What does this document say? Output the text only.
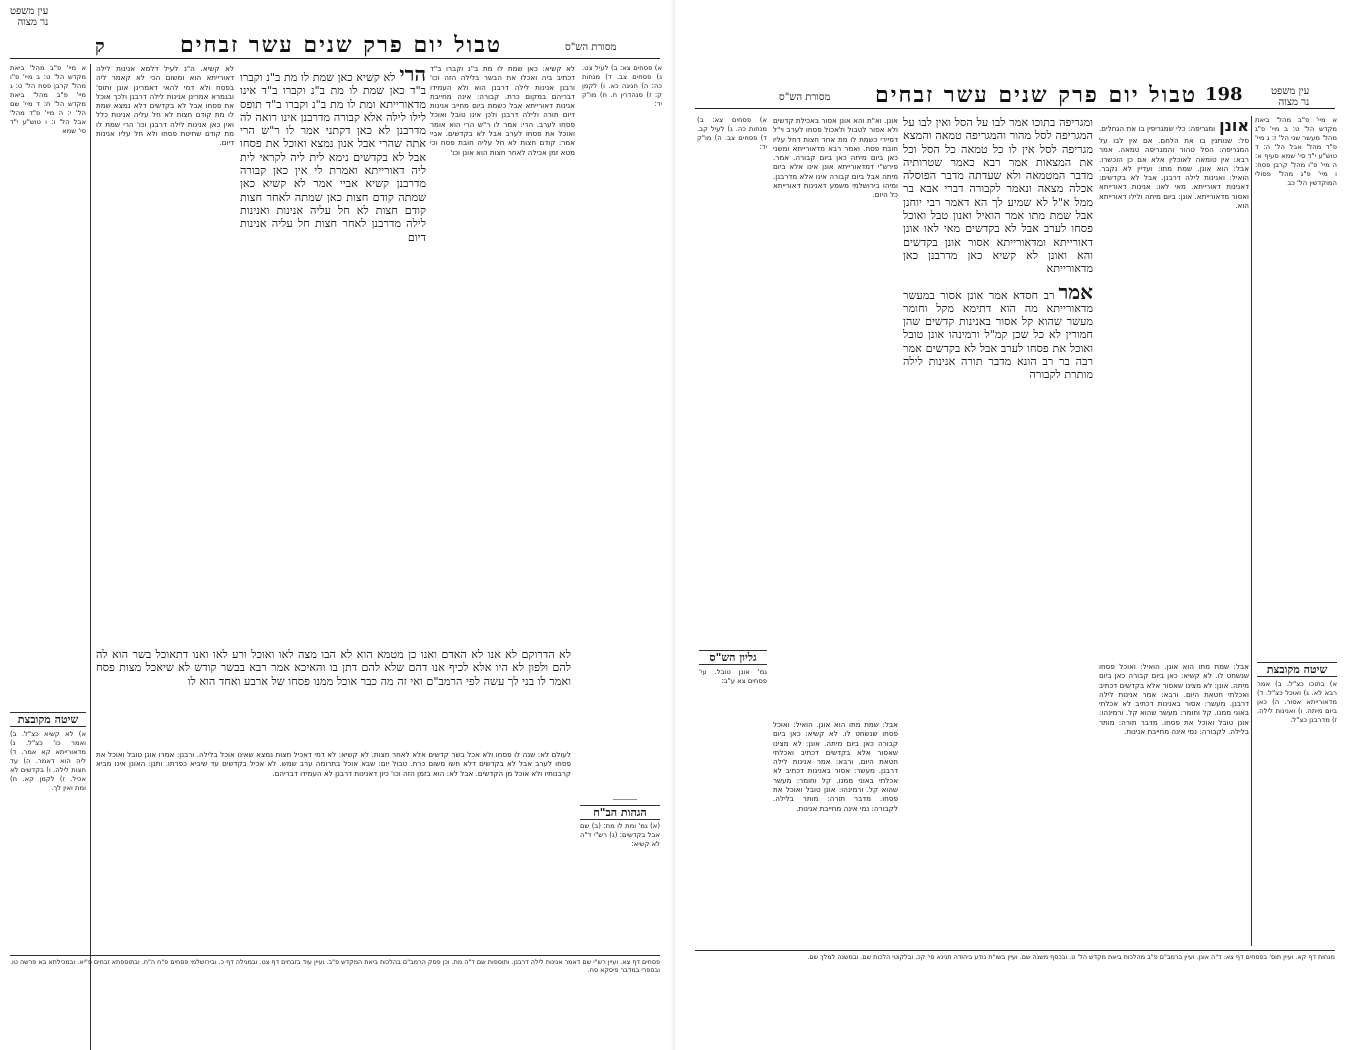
עין משפט
נר מצוה
טבול יום פרק שנים עשר זבחים
ק	מסורת הש"ס

א מיי' פ"ב מהל' ביאת מקדש הל' ט: ב מיי' פ"ו מהל' קרבן פסח הל' ט: ג מיי' פ"ב מהל' ביאת מקדש הל' ח: ד מיי' שם הל' י: ה מיי' פ"ד מהל' אבל הל' ו: ו טוש"ע י"ד סי' שמא

א) פסחים צא: ב) לעיל צט. ג) פסחים צב. ד) מנחות כה: ה) חגיגה כא. ו) לקמן ק: ז) סנהדרין ח. ח) מו"ק יד:

לא קשיא: כאן שמת לו מת ב"נ וקברו ב"ד דכתיב ביה ואכלו את הבשר בלילה הזה וכו' ורבנן אנינות לילה דרבנן הוא ולא העמידו דבריהם במקום כרת. קבורה: אינה מחייבת אנינות דאורייתא אבל כשמת ביום מחייב אנינות דיום תורה ולילה דרבנן ולכן אינו טובל ואוכל פסחו לערב. הרי: אמר לו ר"ש הרי הוא אומר ואוכל את פסחו לערב אבל לא בקדשים. אביי אמר: קודם חצות לא חל עליה חובת פסח וכי מטא זמן אכילה לאחר חצות הוא אונן וכו'

לא קשיא. ה"נ לעיל דלמא אנינות לילה דאורייתא הוא ומשום הכי לא קאמר ליה בפסח ולא דמי להאי דאמרינן אונן ותוס' ובגמרא אמרינן אנינות לילה דרבנן ולכך אוכל את פסחו אבל לא בקדשים דלא נמצא שמת לו מת קודם חצות לא חל עליה אנינות כלל ואין כאן אנינות לילה דרבנן וכו' הרי שמת לו מת קודם שחיטת פסחו ולא חל עליו אנינות דיום.

הרילא קשיא כאן שמת לו מת ב"נ וקברו ב"ד כאן שמת לו מת ב"נ וקברו ב"ד אינו מדאורייתא ומת לו מת ב"נ וקברו ב"ד תופס לילו לילה אלא קבורה מדרבנן אינו רואה לה מדרבנן לא כאן דקתני אמר לו ר"ש הרי אתה שהרי אבל אנון נמצא ואוכל את פסחו אבל לא בקדשים נימא לית ליה לקראי לית ליה דאורייתא ואמרת לי אין כאן קבורה מדרבנן קשיא אביי אמר לא קשיא כאן שמתה קודם חצות כאן שמתה לאחר חצות קודם חצות לא חל עליה אנינות ואנינות לילה מדרבנן לאחר חצות חל עליה אנינות דיום

לא הדרוקם לא אנו לא האדם ואנו כן מטמא הוא לא הבו מצה לאו ואוכל ורע לאו ואנו דתאוכל בשר הוא לה להם ולפון לא היו אלא לכיף אנו דהם שלא להם דתן בו והאיכא אמר רבא בבשר קודש לא שיאכל מצות פסח ואמר לו בני לך עשה לפי הרמב"ם ואי זה מה כבר אוכל ממנו פסחו של ארבע ואחד הוא לו

לעולם לא: שנה לו פסחו ולא אכל בשר קדשים אלא לאחר חצות. לא קשיא: לא דמי דאכיל חצות נמצא שאינו אוכל בלילה. ורבנן: אמרו אונן טובל ואוכל את פסחו לערב אבל לא בקדשים דלא חשו משום כרת. טבול יום: שבא אוכל בתרומה ערב שמש. לא אכיל בקדשים עד שיביא כפרתו. ותנן: האונן אינו מביא קרבנותיו ולא אוכל מן הקדשים. אבל לא: הוא בזמן הזה וכו' כיון דאנינות דרבנן לא העמידו דבריהם.

שיטה מקובצת

א) לא קשיא כצ"ל. ב) ואמר כו' כצ"ל. ג) מדאורייתא קא אמר. ד) ליה הוא דאמר. ה) עד חצות לילה. ו) בקדשים לא אכיל. ז) לקמן קא. ח) ומת ואין לך.

הגהות הב"ח

(א) גמ' ומת לו מת: (ב) שם אבל בקדשים: (ג) רש"י ד"ה לא קשיא:

⸻

פסחים דף צא. ועיין רש"י שם דאמר אנינות לילה דרבנן. ותוספות שם ד"ה מת. וכן פסק הרמב"ם בהלכות ביאת המקדש פ"ב. ועיין עוד בזבחים דף צט. ובמגילה דף כ. ובירושלמי פסחים פ"ח ה"ח. ובתוספתא זבחים פ"יא. ובמכילתא בא פרשה טו. ובספרי במדבר פיסקא סח.

198
טבול יום פרק שנים עשר זבחים
מסורת הש"ס
עין משפט
נר מצוה

א) פסחים צא: ב) מנחות כה. ג) לעיל קב. ד) פסחים צב. ה) מו"ק יד:

אונן. וא"ת והא אונן אסור באכילת קדשים ולא אסור לטבול ולאכול פסחו לערב וי"ל דמיירי כשמת לו מת אחר חצות דחל עליו חובת פסח. ואמר רבא מדאורייתא ומשני כאן ביום מיתה כאן ביום קבורה. אמר. פירש"י דמדאורייתא אונן אינו אלא ביום מיתה אבל ביום קבורה אינו אלא מדרבנן. ומיהו בירושלמי משמע דאנינות דאורייתא כל היום.

ומגריפה בתוכו אמר לבו על הסל ואין לבו על המגריפה לסל מהור והמגריפה טמאה והמצא מגריפה לסל אין לו כל טמאה כל הסל וכל את המצאות אמר רבא כאמר שטרותיה מדבר המטמאה ולא שעדתה מדבר הפוסלה אכלה מצאה ונאמר לקבורה דברי אבא בר ממל א"ל לא שמיע לך הא דאמר רבי יוחנן אבל שמת מתו אמר הואיל ואנון טבל ואוכל פסחו לערב אבל לא בקדשים מאי לאו אונן דאורייתא ומדאורייתא אסור אונן בקדשים והא ואונן לא קשיא כאן מדרבנן כאן מדאורייתא

אמררב חסדא אמר אונן אסור במעשר מדאורייתא מה הוא דתימא מקל וחומר מעשר שהוא קל אסור באנינות קדשים שהן חמורין לא כל שכן קמ"ל ורמינהו אונן טובל ואוכל את פסחו לערב אבל לא בקדשים אמר רבה בר רב הונא מדבר תורה אנינות לילה מותרת לקבורה

אונןומגריפה: כלי שמגריפין בו את הגחלים. סל: שנותנין בו את הלחם. אם אין לבו על המגריפה: הסל טהור והמגריפה טמאה. אמר רבא: אין טומאה לאוכלין אלא אם כן הוכשרו. אבל: הוא אונן. שמת מתו: ועדיין לא נקבר. הואיל: ואנינות לילה דרבנן. אבל לא בקדשים: דאנינות דאורייתא. מאי לאו: אנינות דאורייתא ואסור מדאורייתא. אונן: ביום מיתה ולילו דאורייתא הוא.

א מיי' פ"ב מהל' ביאת מקדש הל' ט: ב מיי' פ"ג מהל' מעשר שני הל' ז: ג מיי' פ"ד מהל' אבל הל' ה: ד טוש"ע י"ד סי' שמא סעיף א: ה מיי' פ"ו מהל' קרבן פסח: ו מיי' פ"ג מהל' פסולי המוקדשין הל' כב

אבל: שמת מתו הוא אונן. הואיל: ואוכל פסחו שנשחט לו. לא קשיא: כאן ביום קבורה כאן ביום מיתה. אונן: לא מצינו שאסור אלא בקדשים דכתיב ואכלתי חטאת היום. ורבא: אמר אנינות לילה דרבנן. מעשר: אסור באנינות דכתיב לא אכלתי באוני ממנו. קל וחומר: מעשר שהוא קל. ורמינהו: אונן טובל ואוכל את פסחו. מדבר תורה: מותר בלילה. לקבורה: נמי אינה מחייבת אנינות.

אבל: שמת מתו הוא אונן. הואיל: ואוכל פסחו שנשחט לו. לא קשיא: כאן ביום קבורה כאן ביום מיתה. אונן: לא מצינו שאסור אלא בקדשים דכתיב ואכלתי חטאת היום. ורבא: אמר אנינות לילה דרבנן. מעשר: אסור באנינות דכתיב לא אכלתי באוני ממנו. קל וחומר: מעשר שהוא קל. ורמינהו: אונן טובל ואוכל את פסחו. מדבר תורה: מותר בלילה. לקבורה: נמי אינה מחייבת אנינות.

שיטה מקובצת

א) בתוכו כצ"ל. ב) אמר רבא לא. ג) ואוכל כצ"ל. ד) מדאורייתא אסור. ה) כאן ביום מיתה. ו) ואנינות לילה. ז) מדרבנן כצ"ל.

גליון הש"ס

גמ' אונן טובל. עי' פסחים צא ע"ב:

מנחות דף קא. ועיין תוס' בפסחים דף צא: ד"ה אונן. ועיין ברמב"ם פ"ב מהלכות ביאת מקדש הל' ט. ובכסף משנה שם. ועיין בשו"ת נודע ביהודה תנינא סי' קכ. ובלקוטי הלכות שם. ובמשנה למלך שם.
